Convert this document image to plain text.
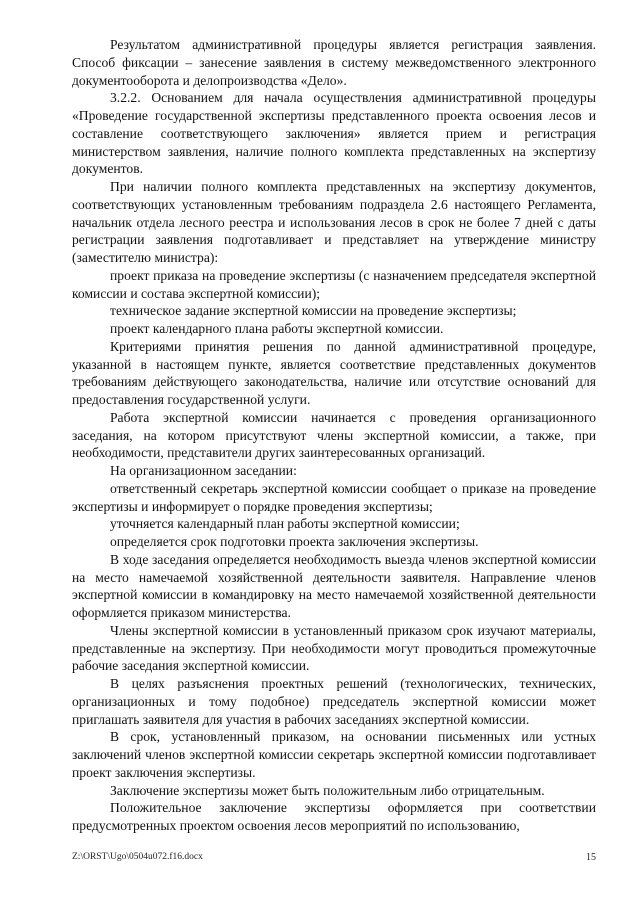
Результатом административной процедуры является регистрация заявления. Способ фиксации – занесение заявления в систему межведомственного электронного документооборота и делопроизводства «Дело».

3.2.2. Основанием для начала осуществления административной процедуры «Проведение государственной экспертизы представленного проекта освоения лесов и составление соответствующего заключения» является прием и регистрация министерством заявления, наличие полного комплекта представленных на экспертизу документов.

При наличии полного комплекта представленных на экспертизу документов, соответствующих установленным требованиям подраздела 2.6 настоящего Регламента, начальник отдела лесного реестра и использования лесов в срок не более 7 дней с даты регистрации заявления подготавливает и представляет на утверждение министру (заместителю министра):

проект приказа на проведение экспертизы (с назначением председателя экспертной комиссии и состава экспертной комиссии);

техническое задание экспертной комиссии на проведение экспертизы;

проект календарного плана работы экспертной комиссии.

Критериями принятия решения по данной административной процедуре, указанной в настоящем пункте, является соответствие представленных документов требованиям действующего законодательства, наличие или отсутствие оснований для предоставления государственной услуги.

Работа экспертной комиссии начинается с проведения организационного заседания, на котором присутствуют члены экспертной комиссии, а также, при необходимости, представители других заинтересованных организаций.

На организационном заседании:

ответственный секретарь экспертной комиссии сообщает о приказе на проведение экспертизы и информирует о порядке проведения экспертизы;

уточняется календарный план работы экспертной комиссии;

определяется срок подготовки проекта заключения экспертизы.

В ходе заседания определяется необходимость выезда членов экспертной комиссии на место намечаемой хозяйственной деятельности заявителя. Направление членов экспертной комиссии в командировку на место намечаемой хозяйственной деятельности оформляется приказом министерства.

Члены экспертной комиссии в установленный приказом срок изучают материалы, представленные на экспертизу. При необходимости могут проводиться промежуточные рабочие заседания экспертной комиссии.

В целях разъяснения проектных решений (технологических, технических, организационных и тому подобное) председатель экспертной комиссии может приглашать заявителя для участия в рабочих заседаниях экспертной комиссии.

В срок, установленный приказом, на основании письменных или устных заключений членов экспертной комиссии секретарь экспертной комиссии подготавливает проект заключения экспертизы.

Заключение экспертизы может быть положительным либо отрицательным.

Положительное заключение экспертизы оформляется при соответствии предусмотренных проектом освоения лесов мероприятий по использованию,

Z:\ORST\Ugo\0504u072.f16.docx	15
